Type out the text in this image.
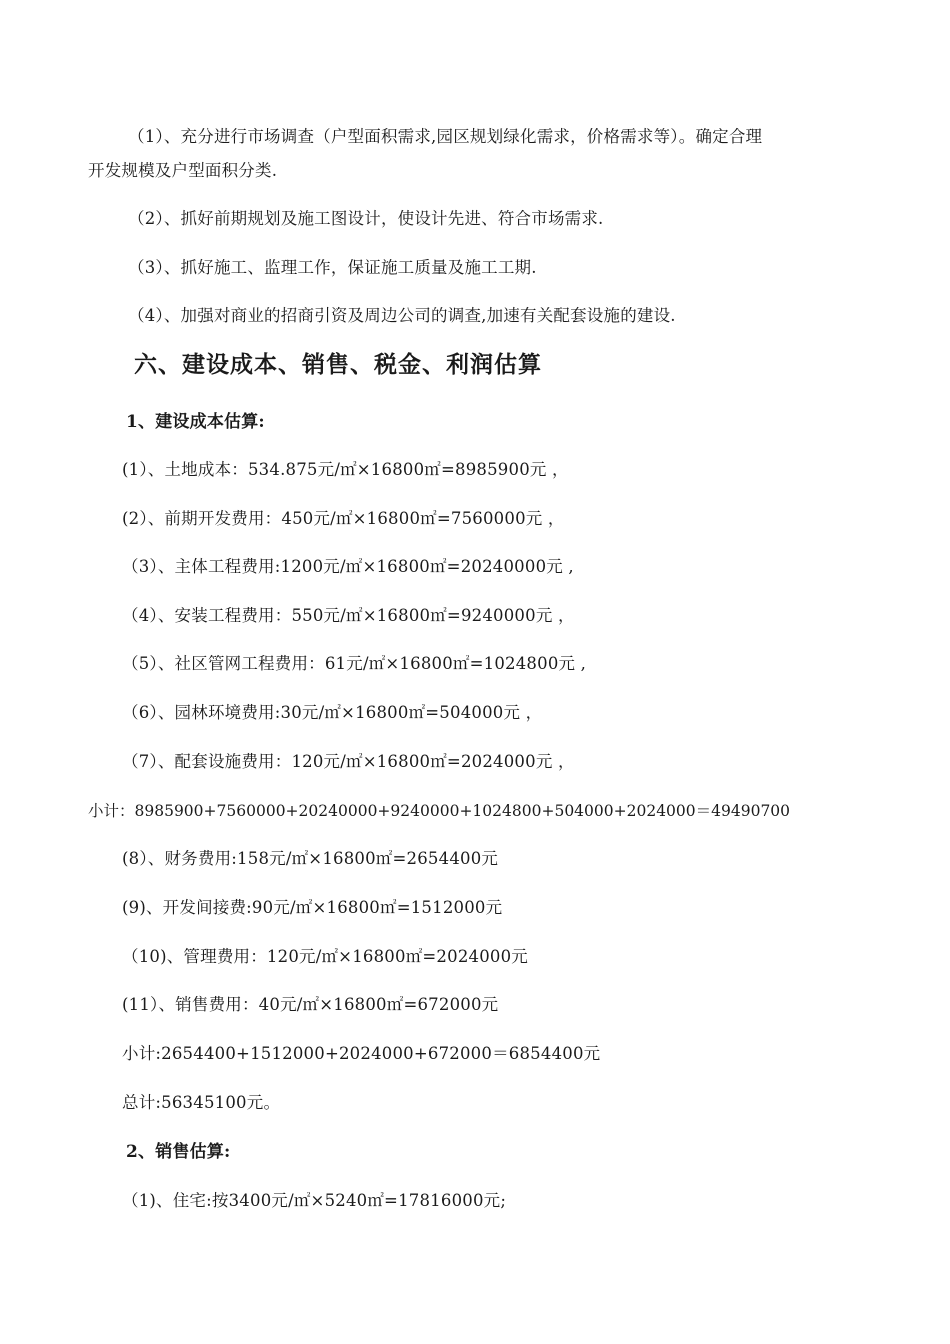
（1）、充分进行市场调查（户型面积需求,园区规划绿化需求，价格需求等）。确定合理
开发规模及户型面积分类.
（2）、抓好前期规划及施工图设计，使设计先进、符合市场需求.
（3）、抓好施工、监理工作，保证施工质量及施工工期.
（4）、加强对商业的招商引资及周边公司的调查,加速有关配套设施的建设.
六、建设成本、销售、税金、利润估算
1、建设成本估算:
(1）、土地成本：534.875元/㎡×16800㎡=8985900元 ，
(2）、前期开发费用：450元/㎡×16800㎡=7560000元 ，
（3）、主体工程费用:1200元/㎡×16800㎡=20240000元 ,
（4）、安装工程费用：550元/㎡×16800㎡=9240000元 ，
（5）、社区管网工程费用：61元/㎡×16800㎡=1024800元 ,
（6）、园林环境费用:30元/㎡×16800㎡=504000元 ，
（7）、配套设施费用：120元/㎡×16800㎡=2024000元 ，
小计：8985900+7560000+20240000+9240000+1024800+504000+2024000＝49490700
(8）、财务费用:158元/㎡×16800㎡=2654400元
(9)、开发间接费:90元/㎡×16800㎡=1512000元
（10)、管理费用：120元/㎡×16800㎡=2024000元
(11）、销售费用：40元/㎡×16800㎡=672000元
小计:2654400+1512000+2024000+672000＝6854400元
总计:56345100元。
2、销售估算:
（1)、住宅:按3400元/㎡×5240㎡=17816000元;
